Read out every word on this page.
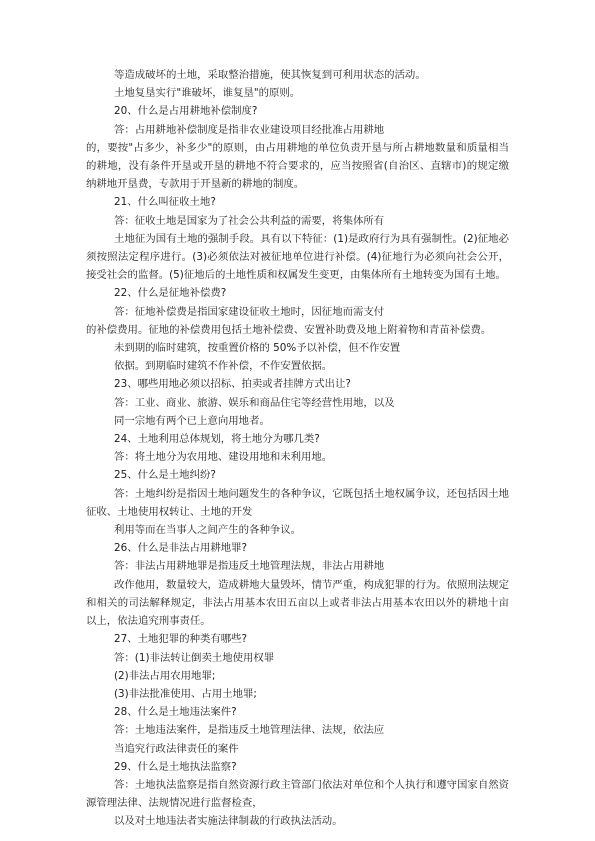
等造成破坏的土地，采取整治措施，使其恢复到可利用状态的活动。
土地复垦实行"谁破坏，谁复垦"的原则。
20、什么是占用耕地补偿制度?
答：占用耕地补偿制度是指非农业建设项目经批准占用耕地
的，要按"占多少，补多少"的原则，由占用耕地的单位负责开垦与所占耕地数量和质量相当的耕地，没有条件开垦或开垦的耕地不符合要求的，应当按照省(自治区、直辖市)的规定缴纳耕地开垦费，专款用于开垦新的耕地的制度。
21、什么叫征收土地?
答：征收土地是国家为了社会公共利益的需要，将集体所有
土地征为国有土地的强制手段。具有以下特征：(1)是政府行为具有强制性。(2)征地必须按照法定程序进行。(3)必须依法对被征地单位进行补偿。(4)征地行为必须向社会公开，接受社会的监督。(5)征地后的土地性质和权属发生变更，由集体所有土地转变为国有土地。
22、什么是征地补偿费?
答：征地补偿费是指国家建设征收土地时，因征地而需支付
的补偿费用。征地的补偿费用包括土地补偿费、安置补助费及地上附着物和青苗补偿费。
未到期的临时建筑，按重置价格的 50%予以补偿，但不作安置
依据。到期临时建筑不作补偿，不作安置依据。
23、哪些用地必须以招标、拍卖或者挂牌方式出让?
答：工业、商业、旅游、娱乐和商品住宅等经营性用地，以及
同一宗地有两个已上意向用地者。
24、土地利用总体规划，将土地分为哪几类?
答：将土地分为农用地、建设用地和未利用地。
25、什么是土地纠纷?
答：土地纠纷是指因土地问题发生的各种争议，它既包括土地权属争议，还包括因土地征收、土地使用权转让、土地的开发
利用等而在当事人之间产生的各种争议。
26、什么是非法占用耕地罪?
答：非法占用耕地罪是指违反土地管理法规，非法占用耕地
改作他用，数量较大，造成耕地大量毁坏，情节严重，构成犯罪的行为。依照刑法规定和相关的司法解释规定，非法占用基本农田五亩以上或者非法占用基本农田以外的耕地十亩以上，依法追究刑事责任。
27、土地犯罪的种类有哪些?
答：(1)非法转让倒卖土地使用权罪
(2)非法占用农用地罪;
(3)非法批准使用、占用土地罪;
28、什么是土地违法案件?
答：土地违法案件，是指违反土地管理法律、法规，依法应
当追究行政法律责任的案件
29、什么是土地执法监察?
答：土地执法监察是指自然资源行政主管部门依法对单位和个人执行和遵守国家自然资源管理法律、法规情况进行监督检查，
以及对土地违法者实施法律制裁的行政执法活动。
